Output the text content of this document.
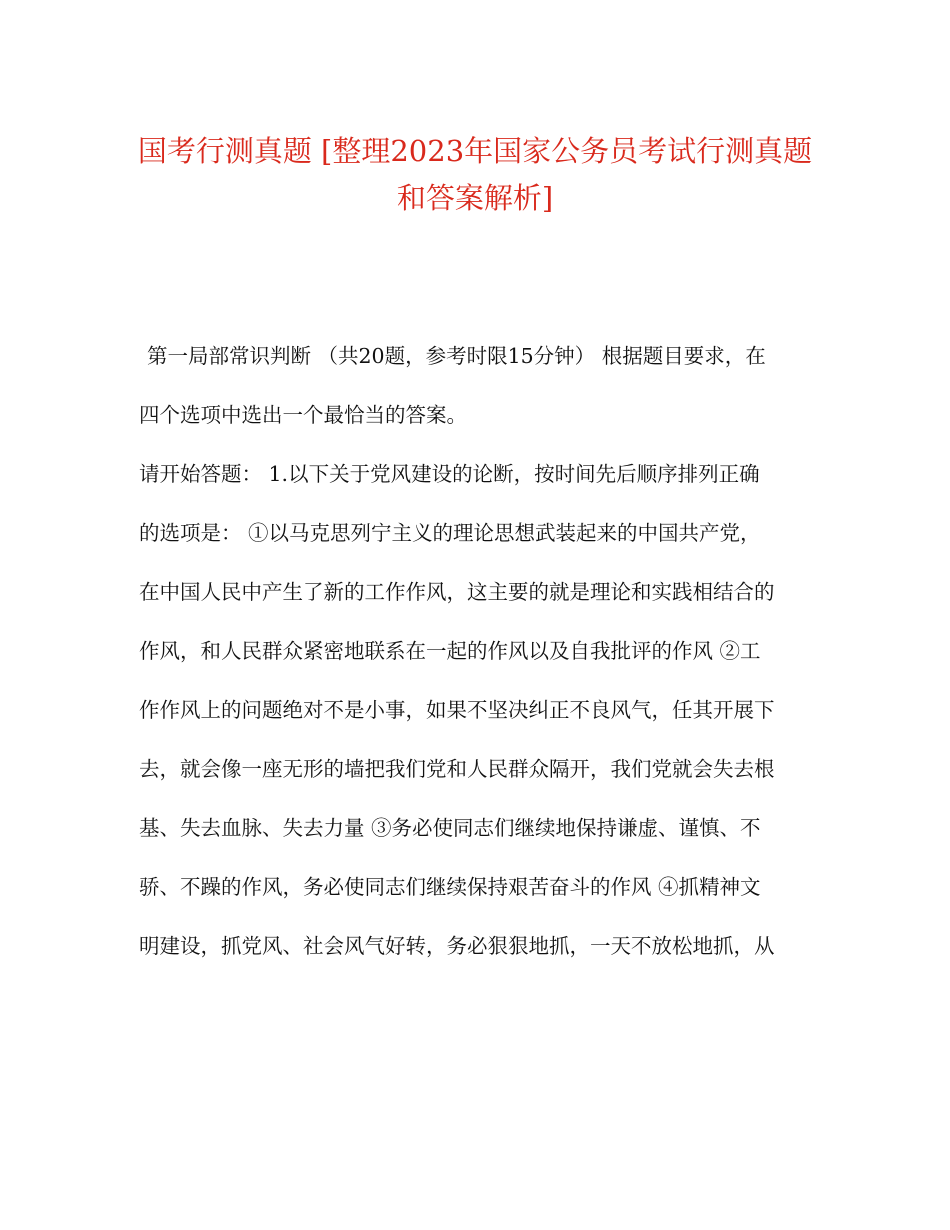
国考行测真题 [整理2023年国家公务员考试行测真题
和答案解析]
第一局部常识判断 （共20题，参考时限15分钟） 根据题目要求，在
四个选项中选出一个最恰当的答案。
请开始答题： 1.以下关于党风建设的论断，按时间先后顺序排列正确
的选项是： ①以马克思列宁主义的理论思想武装起来的中国共产党，
在中国人民中产生了新的工作作风，这主要的就是理论和实践相结合的
作风，和人民群众紧密地联系在一起的作风以及自我批评的作风 ②工
作作风上的问题绝对不是小事，如果不坚决纠正不良风气，任其开展下
去，就会像一座无形的墙把我们党和人民群众隔开，我们党就会失去根
基、失去血脉、失去力量 ③务必使同志们继续地保持谦虚、谨慎、不
骄、不躁的作风，务必使同志们继续保持艰苦奋斗的作风 ④抓精神文
明建设，抓党风、社会风气好转，务必狠狠地抓，一天不放松地抓，从
